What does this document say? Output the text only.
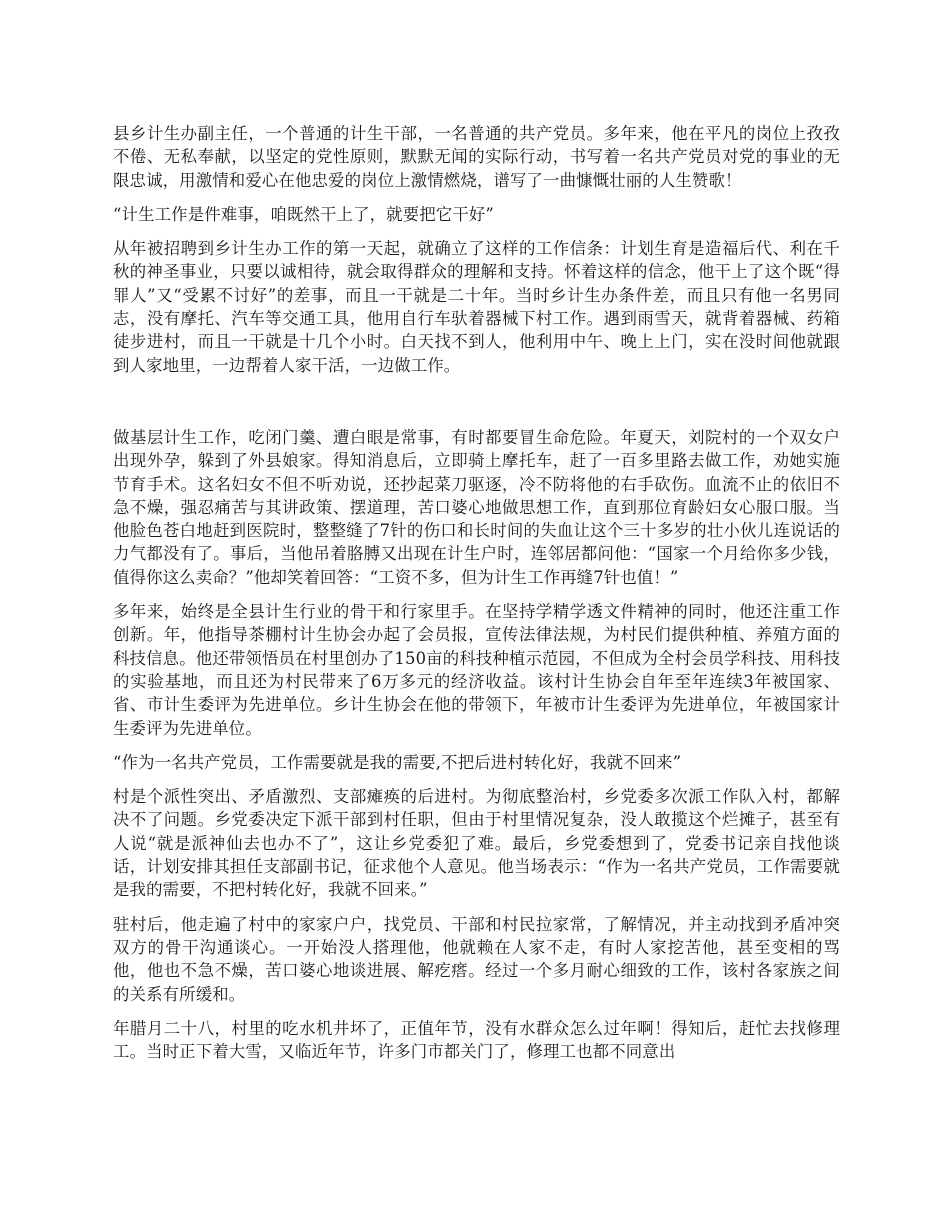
县乡计生办副主任，一个普通的计生干部，一名普通的共产党员。多年来，他在平凡的岗位上孜孜不倦、无私奉献，以坚定的党性原则，默默无闻的实际行动，书写着一名共产党员对党的事业的无限忠诚，用激情和爱心在他忠爱的岗位上激情燃烧，谱写了一曲慷慨壮丽的人生赞歌！

“计生工作是件难事，咱既然干上了，就要把它干好”

从年被招聘到乡计生办工作的第一天起，就确立了这样的工作信条：计划生育是造福后代、利在千秋的神圣事业，只要以诚相待，就会取得群众的理解和支持。怀着这样的信念，他干上了这个既“得罪人”又“受累不讨好”的差事，而且一干就是二十年。当时乡计生办条件差，而且只有他一名男同志，没有摩托、汽车等交通工具，他用自行车驮着器械下村工作。遇到雨雪天，就背着器械、药箱徒步进村，而且一干就是十几个小时。白天找不到人，他利用中午、晚上上门，实在没时间他就跟到人家地里，一边帮着人家干活，一边做工作。

做基层计生工作，吃闭门羹、遭白眼是常事，有时都要冒生命危险。年夏天，刘院村的一个双女户出现外孕，躲到了外县娘家。得知消息后，立即骑上摩托车，赶了一百多里路去做工作，劝她实施节育手术。这名妇女不但不听劝说，还抄起菜刀驱逐，冷不防将他的右手砍伤。血流不止的依旧不急不燥，强忍痛苦与其讲政策、摆道理，苦口婆心地做思想工作，直到那位育龄妇女心服口服。当他脸色苍白地赶到医院时，整整缝了7针的伤口和长时间的失血让这个三十多岁的壮小伙儿连说话的力气都没有了。事后，当他吊着胳膊又出现在计生户时，连邻居都问他：“国家一个月给你多少钱，值得你这么卖命？”他却笑着回答：“工资不多，但为计生工作再缝7针也值！”

多年来，始终是全县计生行业的骨干和行家里手。在坚持学精学透文件精神的同时，他还注重工作创新。年，他指导茶棚村计生协会办起了会员报，宣传法律法规，为村民们提供种植、养殖方面的科技信息。他还带领悟员在村里创办了150亩的科技种植示范园，不但成为全村会员学科技、用科技的实验基地，而且还为村民带来了6万多元的经济收益。该村计生协会自年至年连续3年被国家、省、市计生委评为先进单位。乡计生协会在他的带领下，年被市计生委评为先进单位，年被国家计生委评为先进单位。

“作为一名共产党员，工作需要就是我的需要,不把后进村转化好，我就不回来”

村是个派性突出、矛盾激烈、支部瘫痪的后进村。为彻底整治村，乡党委多次派工作队入村，都解决不了问题。乡党委决定下派干部到村任职，但由于村里情况复杂，没人敢揽这个烂摊子，甚至有人说“就是派神仙去也办不了”，这让乡党委犯了难。最后，乡党委想到了，党委书记亲自找他谈话，计划安排其担任支部副书记，征求他个人意见。他当场表示：“作为一名共产党员，工作需要就是我的需要，不把村转化好，我就不回来。”

驻村后，他走遍了村中的家家户户，找党员、干部和村民拉家常，了解情况，并主动找到矛盾冲突双方的骨干沟通谈心。一开始没人搭理他，他就赖在人家不走，有时人家挖苦他，甚至变相的骂他，他也不急不燥，苦口婆心地谈进展、解疙瘩。经过一个多月耐心细致的工作，该村各家族之间的关系有所缓和。

年腊月二十八，村里的吃水机井坏了，正值年节，没有水群众怎么过年啊！得知后，赶忙去找修理工。当时正下着大雪，又临近年节，许多门市都关门了，修理工也都不同意出
